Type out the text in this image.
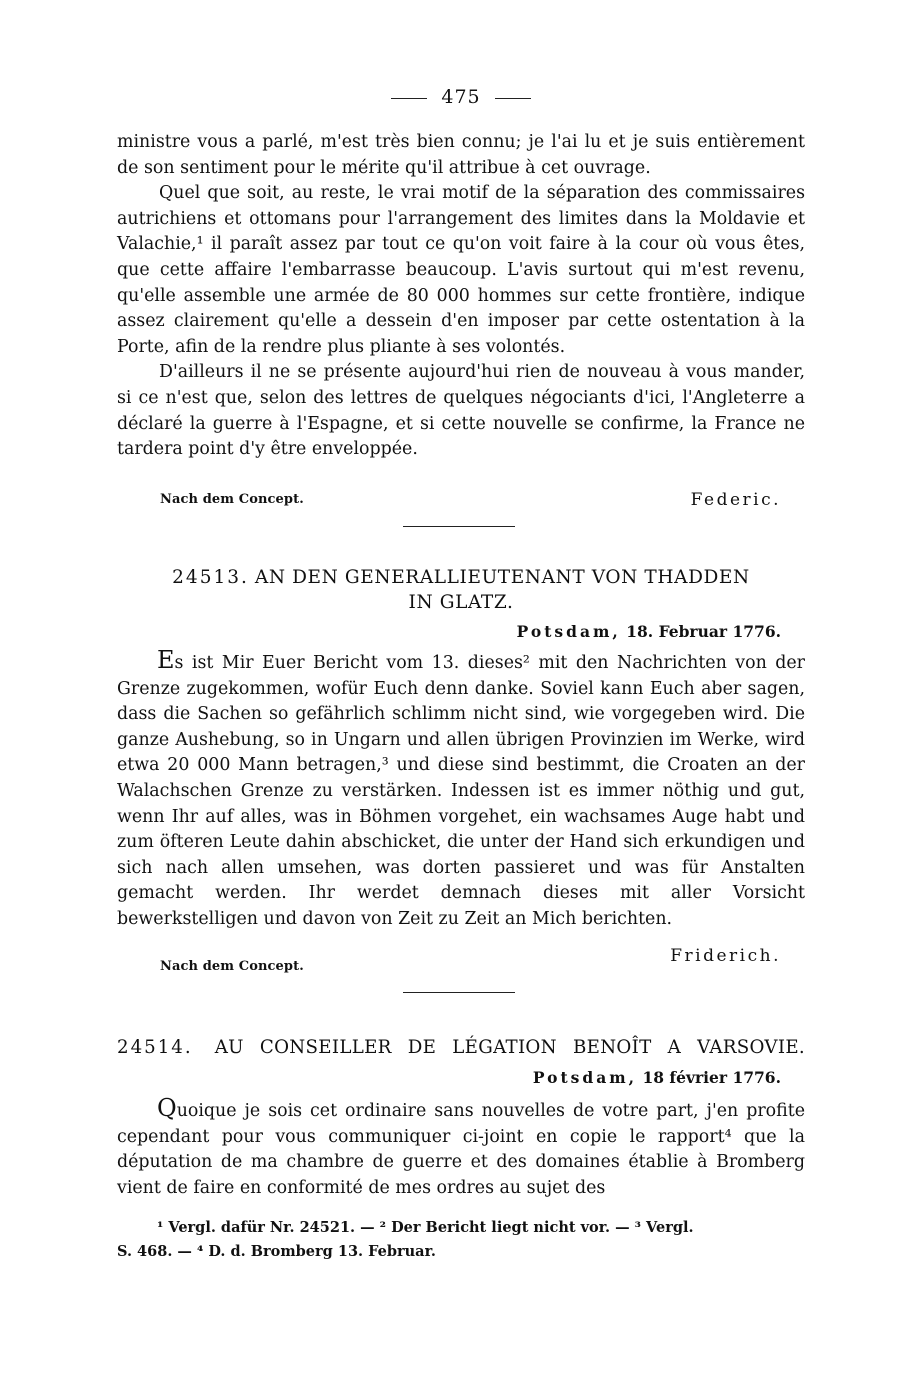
475

ministre vous a parlé, m'est très bien connu; je l'ai lu et je suis entièrement de son sentiment pour le mérite qu'il attribue à cet ouvrage.

Quel que soit, au reste, le vrai motif de la séparation des commissaires autrichiens et ottomans pour l'arrangement des limites dans la Moldavie et Valachie,¹ il paraît assez par tout ce qu'on voit faire à la cour où vous êtes, que cette affaire l'embarrasse beaucoup. L'avis surtout qui m'est revenu, qu'elle assemble une armée de 80 000 hommes sur cette frontière, indique assez clairement qu'elle a dessein d'en imposer par cette ostentation à la Porte, afin de la rendre plus pliante à ses volontés.

D'ailleurs il ne se présente aujourd'hui rien de nouveau à vous mander, si ce n'est que, selon des lettres de quelques négociants d'ici, l'Angleterre a déclaré la guerre à l'Espagne, et si cette nouvelle se confirme, la France ne tardera point d'y être enveloppée.

Nach dem Concept.	Federic.
24513. AN DEN GENERALLIEUTENANT VON THADDEN
IN GLATZ.
Potsdam, 18. Februar 1776.

Es ist Mir Euer Bericht vom 13. dieses² mit den Nachrichten von der Grenze zugekommen, wofür Euch denn danke. Soviel kann Euch aber sagen, dass die Sachen so gefährlich schlimm nicht sind, wie vorgegeben wird. Die ganze Aushebung, so in Ungarn und allen übrigen Provinzien im Werke, wird etwa 20 000 Mann betragen,³ und diese sind bestimmt, die Croaten an der Walachschen Grenze zu verstärken. Indessen ist es immer nöthig und gut, wenn Ihr auf alles, was in Böhmen vorgehet, ein wachsames Auge habt und zum öfteren Leute dahin abschicket, die unter der Hand sich erkundigen und sich nach allen umsehen, was dorten passieret und was für Anstalten gemacht werden. Ihr werdet demnach dieses mit aller Vorsicht bewerkstelligen und davon von Zeit zu Zeit an Mich berichten.

Friderich.
Nach dem Concept.
24514. AU CONSEILLER DE LÉGATION BENOÎT A VARSOVIE.
Potsdam, 18 février 1776.

Quoique je sois cet ordinaire sans nouvelles de votre part, j'en profite cependant pour vous communiquer ci-joint en copie le rapport⁴ que la députation de ma chambre de guerre et des domaines établie à Bromberg vient de faire en conformité de mes ordres au sujet des

¹ Vergl. dafür Nr. 24521. — ² Der Bericht liegt nicht vor. — ³ Vergl.
S. 468. — ⁴ D. d. Bromberg 13. Februar.
